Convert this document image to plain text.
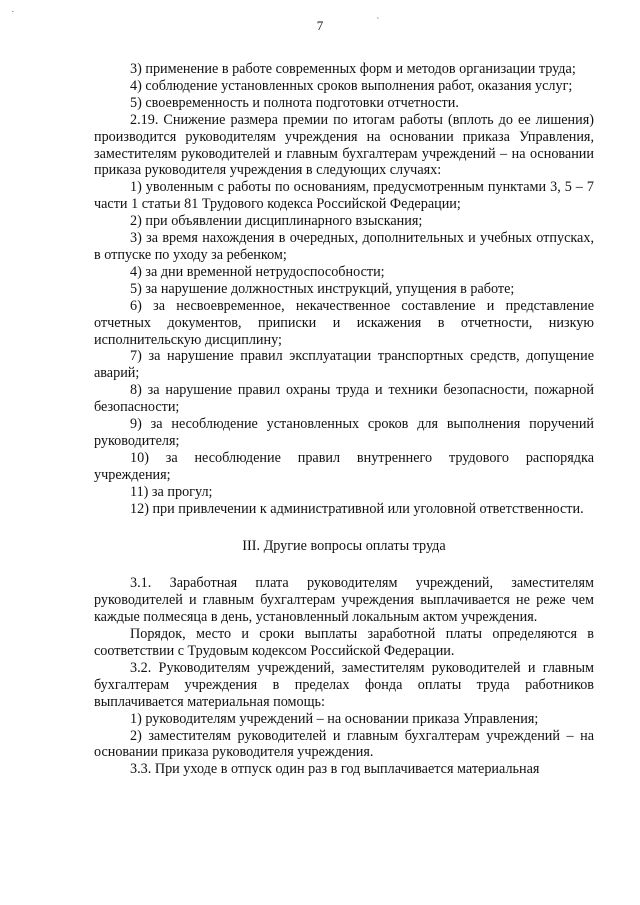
7	ˋ
·

3) применение в работе современных форм и методов организации труда;

4) соблюдение установленных сроков выполнения работ, оказания услуг;

5) своевременность и полнота подготовки отчетности.

2.19. Снижение размера премии по итогам работы (вплоть до ее лишения) производится руководителям учреждения на основании приказа Управления, заместителям руководителей и главным бухгалтерам учреждений – на основании приказа руководителя учреждения в следующих случаях:

1) уволенным с работы по основаниям, предусмотренным пунктами 3, 5 – 7 части 1 статьи 81 Трудового кодекса Российской Федерации;

2) при объявлении дисциплинарного взыскания;

3) за время нахождения в очередных, дополнительных и учебных отпусках, в отпуске по уходу за ребенком;

4) за дни временной нетрудоспособности;

5) за нарушение должностных инструкций, упущения в работе;

6) за несвоевременное, некачественное составление и представление отчетных документов, приписки и искажения в отчетности, низкую исполнительскую дисциплину;

7) за нарушение правил эксплуатации транспортных средств, допущение аварий;

8) за нарушение правил охраны труда и техники безопасности, пожарной безопасности;

9) за несоблюдение установленных сроков для выполнения поручений руководителя;

10) за несоблюдение правил внутреннего трудового распорядка учреждения;

11) за прогул;

12) при привлечении к административной или уголовной ответственности.

III. Другие вопросы оплаты труда

3.1. Заработная плата руководителям учреждений, заместителям руководителей и главным бухгалтерам учреждения выплачивается не реже чем каждые полмесяца в день, установленный локальным актом учреждения.

Порядок, место и сроки выплаты заработной платы определяются в соответствии с Трудовым кодексом Российской Федерации.

3.2. Руководителям учреждений, заместителям руководителей и главным бухгалтерам учреждения в пределах фонда оплаты труда работников выплачивается материальная помощь:

1) руководителям учреждений – на основании приказа Управления;

2) заместителям руководителей и главным бухгалтерам учреждений – на основании приказа руководителя учреждения.

3.3. При уходе в отпуск один раз в год выплачивается материальная
